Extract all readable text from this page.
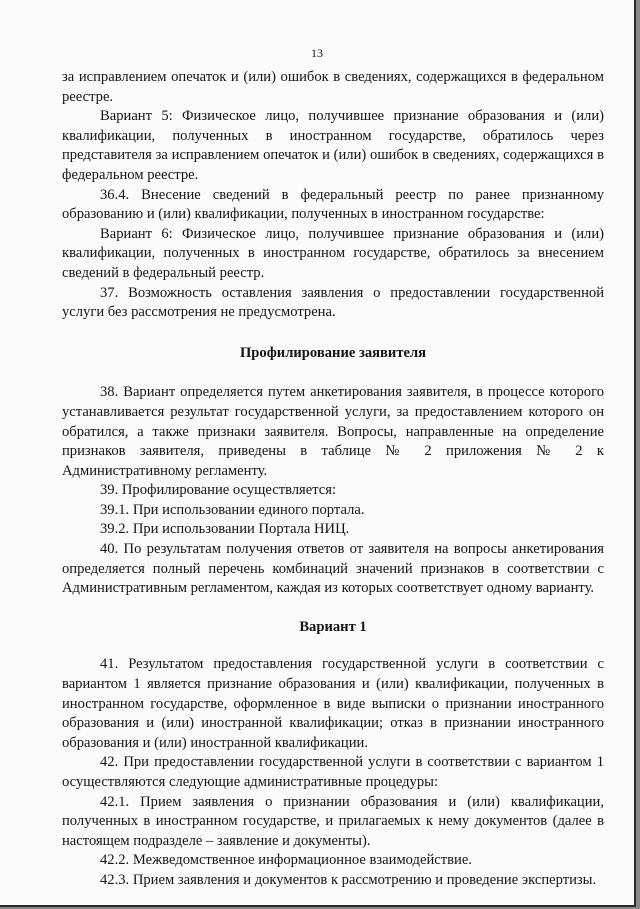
13

за исправлением опечаток и (или) ошибок в сведениях, содержащихся в федеральном реестре.

Вариант 5: Физическое лицо, получившее признание образования и (или) квалификации, полученных в иностранном государстве, обратилось через представителя за исправлением опечаток и (или) ошибок в сведениях, содержащихся в федеральном реестре.

36.4. Внесение сведений в федеральный реестр по ранее признанному образованию и (или) квалификации, полученных в иностранном государстве:

Вариант 6: Физическое лицо, получившее признание образования и (или) квалификации, полученных в иностранном государстве, обратилось за внесением сведений в федеральный реестр.

37. Возможность оставления заявления о предоставлении государственной услуги без рассмотрения не предусмотрена.

Профилирование заявителя

38. Вариант определяется путем анкетирования заявителя, в процессе которого устанавливается результат государственной услуги, за предоставлением которого он обратился, а также признаки заявителя. Вопросы, направленные на определение признаков заявителя, приведены в таблице № 2 приложения № 2 к Административному регламенту.

39. Профилирование осуществляется:

39.1. При использовании единого портала.

39.2. При использовании Портала НИЦ.

40. По результатам получения ответов от заявителя на вопросы анкетирования определяется полный перечень комбинаций значений признаков в соответствии с Административным регламентом, каждая из которых соответствует одному варианту.

Вариант 1

41. Результатом предоставления государственной услуги в соответствии с вариантом 1 является признание образования и (или) квалификации, полученных в иностранном государстве, оформленное в виде выписки о признании иностранного образования и (или) иностранной квалификации; отказ в признании иностранного образования и (или) иностранной квалификации.

42. При предоставлении государственной услуги в соответствии с вариантом 1 осуществляются следующие административные процедуры:

42.1. Прием заявления о признании образования и (или) квалификации, полученных в иностранном государстве, и прилагаемых к нему документов (далее в настоящем подразделе – заявление и документы).

42.2. Межведомственное информационное взаимодействие.

42.3. Прием заявления и документов к рассмотрению и проведение экспертизы.
